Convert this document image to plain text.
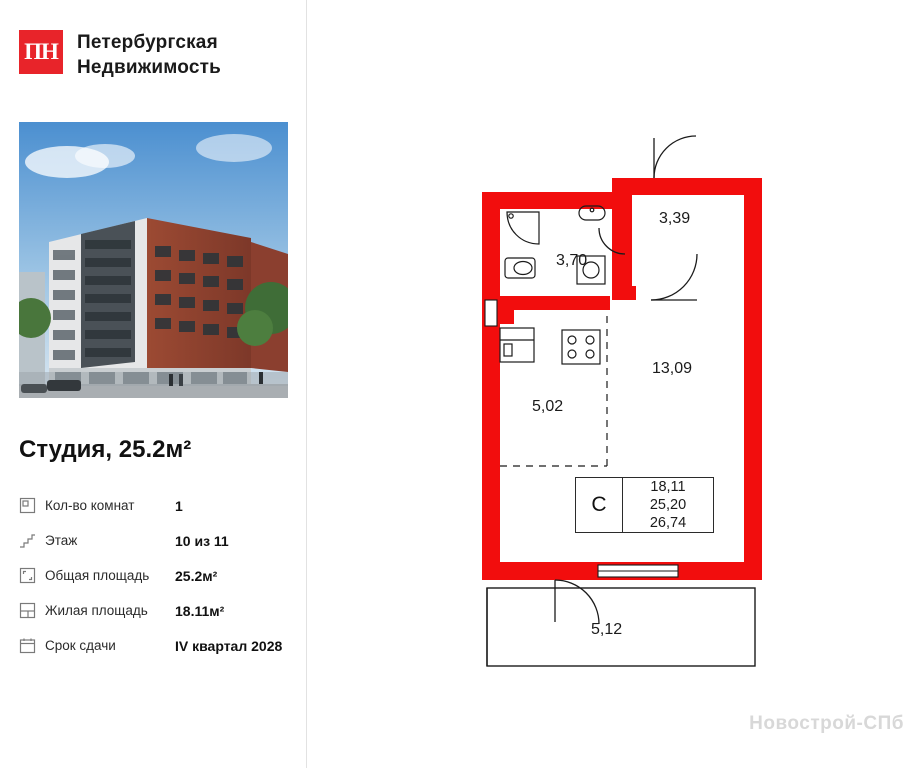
ПН Петербургская
Недвижимость
Студия, 25.2м²
Кол-во комнат	1
Этаж	10 из 11
Общая площадь	25.2м²
Жилая площадь	18.11м²
Срок сдачи	IV квартал 2028
3,39
3,70
5,02
13,09
5,12
С
18,11
25,20
26,74
Новострой-СПб
